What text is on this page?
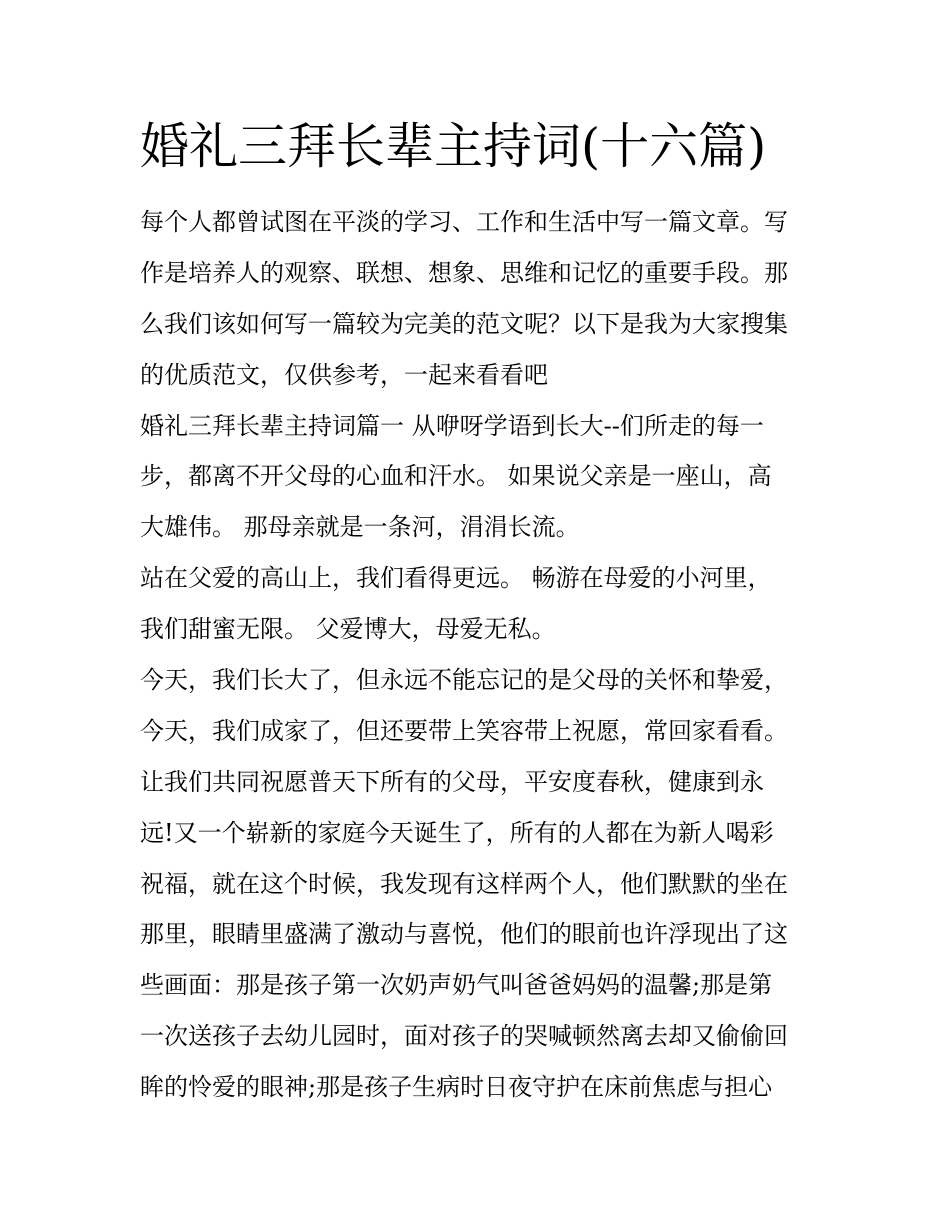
婚礼三拜长辈主持词(十六篇)
每个人都曾试图在平淡的学习、工作和生活中写一篇文章。写
作是培养人的观察、联想、想象、思维和记忆的重要手段。那
么我们该如何写一篇较为完美的范文呢？以下是我为大家搜集
的优质范文，仅供参考，一起来看看吧
婚礼三拜长辈主持词篇一 从咿呀学语到长大--们所走的每一
步，都离不开父母的心血和汗水。 如果说父亲是一座山，高
大雄伟。 那母亲就是一条河，涓涓长流。
站在父爱的高山上，我们看得更远。 畅游在母爱的小河里，
我们甜蜜无限。 父爱博大，母爱无私。
今天，我们长大了，但永远不能忘记的是父母的关怀和挚爱，
今天，我们成家了，但还要带上笑容带上祝愿，常回家看看。
让我们共同祝愿普天下所有的父母，平安度春秋，健康到永
远!又一个崭新的家庭今天诞生了，所有的人都在为新人喝彩
祝福，就在这个时候，我发现有这样两个人，他们默默的坐在
那里，眼睛里盛满了激动与喜悦，他们的眼前也许浮现出了这
些画面：那是孩子第一次奶声奶气叫爸爸妈妈的温馨;那是第
一次送孩子去幼儿园时，面对孩子的哭喊顿然离去却又偷偷回
眸的怜爱的眼神;那是孩子生病时日夜守护在床前焦虑与担心
